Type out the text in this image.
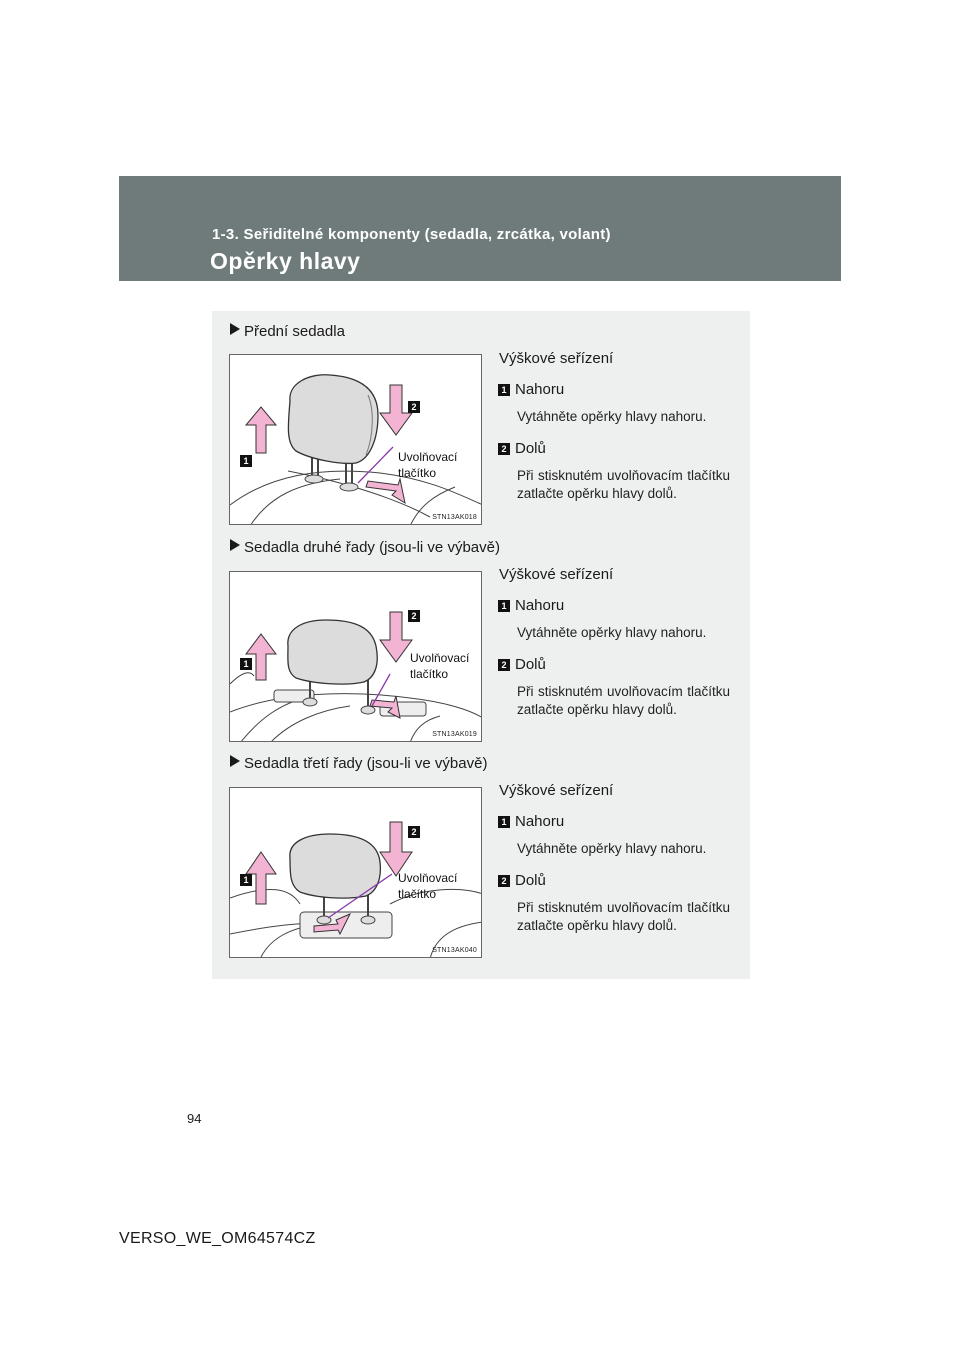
1-3. Seřiditelné komponenty (sedadla, zrcátka, volant)
Opěrky hlavy
Přední sedadla
1
2
Uvolňovací tlačítko
STN13AK018
Výškové seřízení
1 Nahoru
Vytáhněte opěrky hlavy nahoru.
2 Dolů
Při stisknutém uvolňovacím tlačítku zatlačte opěrku hlavy dolů.
Sedadla druhé řady (jsou-li ve výbavě)
1
2
Uvolňovací tlačítko
STN13AK019
Výškové seřízení
1 Nahoru
Vytáhněte opěrky hlavy nahoru.
2 Dolů
Při stisknutém uvolňovacím tlačítku zatlačte opěrku hlavy dolů.
Sedadla třetí řady (jsou-li ve výbavě)
1
2
Uvolňovací tlačítko
STN13AK040
Výškové seřízení
1 Nahoru
Vytáhněte opěrky hlavy nahoru.
2 Dolů
Při stisknutém uvolňovacím tlačítku zatlačte opěrku hlavy dolů.
94
VERSO_WE_OM64574CZ
